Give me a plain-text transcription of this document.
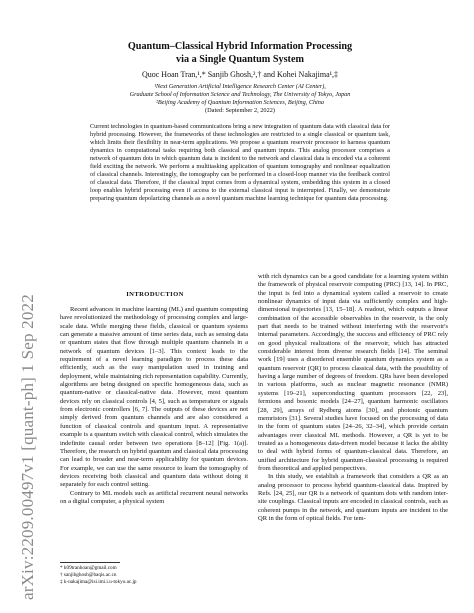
arXiv:2209.00497v1 [quant-ph] 1 Sep 2022
Quantum–Classical Hybrid Information Processing
via a Single Quantum System
Quoc Hoan Tran,¹,* Sanjib Ghosh,²,† and Kohei Nakajima¹,‡
¹Next Generation Artificial Intelligence Research Center (AI Center),
Graduate School of Information Science and Technology, The University of Tokyo, Japan
²Beijing Academy of Quantum Information Sciences, Beijing, China
(Dated: September 2, 2022)
Current technologies in quantum-based communications bring a new integration of quantum data with classical data for hybrid processing. However, the frameworks of these technologies are restricted to a single classical or quantum task, which limits their flexibility in near-term applications. We propose a quantum reservoir processor to harness quantum dynamics in computational tasks requiring both classical and quantum inputs. This analog processor comprises a network of quantum dots in which quantum data is incident to the network and classical data is encoded via a coherent field exciting the network. We perform a multitasking application of quantum tomography and nonlinear equalization of classical channels. Interestingly, the tomography can be performed in a closed-loop manner via the feedback control of classical data. Therefore, if the classical input comes from a dynamical system, embedding this system in a closed loop enables hybrid processing even if access to the external classical input is interrupted. Finally, we demonstrate preparing quantum depolarizing channels as a novel quantum machine learning technique for quantum data processing.
INTRODUCTION

Recent advances in machine learning (ML) and quantum computing have revolutionized the methodology of processing complex and large-scale data. While merging these fields, classical or quantum systems can generate a massive amount of time series data, such as sensing data or quantum states that flow through multiple quantum channels in a network of quantum devices [1–3]. This context leads to the requirement of a novel learning paradigm to process these data efficiently, such as the easy manipulation used in training and deployment, while maintaining rich representation capability. Currently, algorithms are being designed on specific homogeneous data, such as quantum-native or classical-native data. However, most quantum devices rely on classical controls [4, 5], such as temperature or signals from electronic controllers [6, 7]. The outputs of these devices are not simply derived from quantum channels and are also considered a function of classical controls and quantum input. A representative example is a quantum switch with classical control, which simulates the indefinite causal order between two operations [8–12] [Fig. 1(a)]. Therefore, the research on hybrid quantum and classical data processing can lead to broader and near-term applicability for quantum devices. For example, we can use the same resource to learn the tomography of devices receiving both classical and quantum data without doing it separately for each control setting.

Contrary to ML models such as artificial recurrent neural networks on a digital computer, a physical system

with rich dynamics can be a good candidate for a learning system within the framework of physical reservoir computing (PRC) [13, 14]. In PRC, the input is fed into a dynamical system called a reservoir to create nonlinear dynamics of input data via sufficiently complex and high-dimensional trajectories [13, 15–18]. A readout, which outputs a linear combination of the accessible observables in the reservoir, is the only part that needs to be trained without interfering with the reservoir's internal parameters. Accordingly, the success and efficiency of PRC rely on good physical realizations of the reservoir, which has attracted considerable interest from diverse research fields [14]. The seminal work [19] uses a disordered ensemble quantum dynamics system as a quantum reservoir (QR) to process classical data, with the possibility of having a large number of degrees of freedom. QRs have been developed in various platforms, such as nuclear magnetic resonance (NMR) systems [19–21], superconducting quantum processors [22, 23], fermions and bosonic models [24–27], quantum harmonic oscillators [28, 29], arrays of Rydberg atoms [30], and photonic quantum memristors [31]. Several studies have focused on the processing of data in the form of quantum states [24–26, 32–34], which provide certain advantages over classical ML methods. However, a QR is yet to be treated as a homogeneous data-driven model because it lacks the ability to deal with hybrid forms of quantum-classical data. Therefore, an unified architecture for hybrid quantum-classical processing is required from theoretical and applied perspectives.

In this study, we establish a framework that considers a QR as an analog processor to process hybrid quantum-classical data. Inspired by Refs. [24, 25], our QR is a network of quantum dots with random inter-site couplings. Classical inputs are encoded in classical controls, such as coherent pumps in the network, and quantum inputs are incident to the QR in the form of optical fields. For tem-

* k09tranhoan@gmail.com
† sanjibghosh@baqis.ac.cn
‡ k-nakajima@isi.imi.i.u-tokyo.ac.jp
